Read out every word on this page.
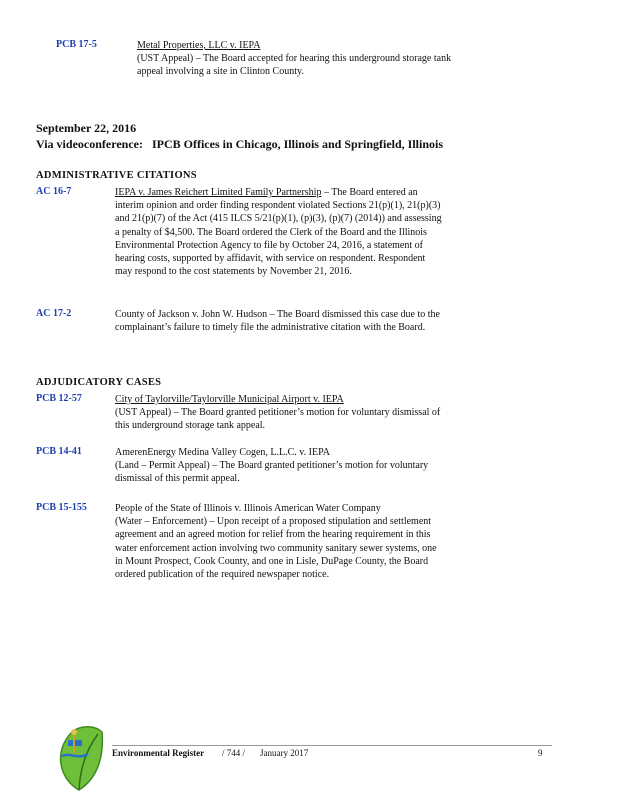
PCB 17-5	Metal Properties, LLC v. IEPA
(UST Appeal) – The Board accepted for hearing this underground storage tank appeal involving a site in Clinton County.
September 22, 2016
Via videoconference:   IPCB Offices in Chicago, Illinois and Springfield, Illinois
ADMINISTRATIVE CITATIONS
AC 16-7	IEPA v. James Reichert Limited Family Partnership – The Board entered an interim opinion and order finding respondent violated Sections 21(p)(1), 21(p)(3) and 21(p)(7) of the Act (415 ILCS 5/21(p)(1), (p)(3), (p)(7) (2014)) and assessing a penalty of $4,500. The Board ordered the Clerk of the Board and the Illinois Environmental Protection Agency to file by October 24, 2016, a statement of hearing costs, supported by affidavit, with service on respondent. Respondent may respond to the cost statements by November 21, 2016.
AC 17-2	County of Jackson v. John W. Hudson – The Board dismissed this case due to the complainant’s failure to timely file the administrative citation with the Board.
ADJUDICATORY CASES
PCB 12-57	City of Taylorville/Taylorville Municipal Airport v. IEPA
(UST Appeal) – The Board granted petitioner’s motion for voluntary dismissal of this underground storage tank appeal.
PCB 14-41	AmerenEnergy Medina Valley Cogen, L.L.C. v. IEPA
(Land – Permit Appeal) – The Board granted petitioner’s motion for voluntary dismissal of this permit appeal.
PCB 15-155	People of the State of Illinois v. Illinois American Water Company
(Water – Enforcement) – Upon receipt of a proposed stipulation and settlement agreement and an agreed motion for relief from the hearing requirement in this water enforcement action involving two community sanitary sewer systems, one in Mount Prospect, Cook County, and one in Lisle, DuPage County, the Board ordered publication of the required newspaper notice.
Environmental Register / 744 / January 2017	9
